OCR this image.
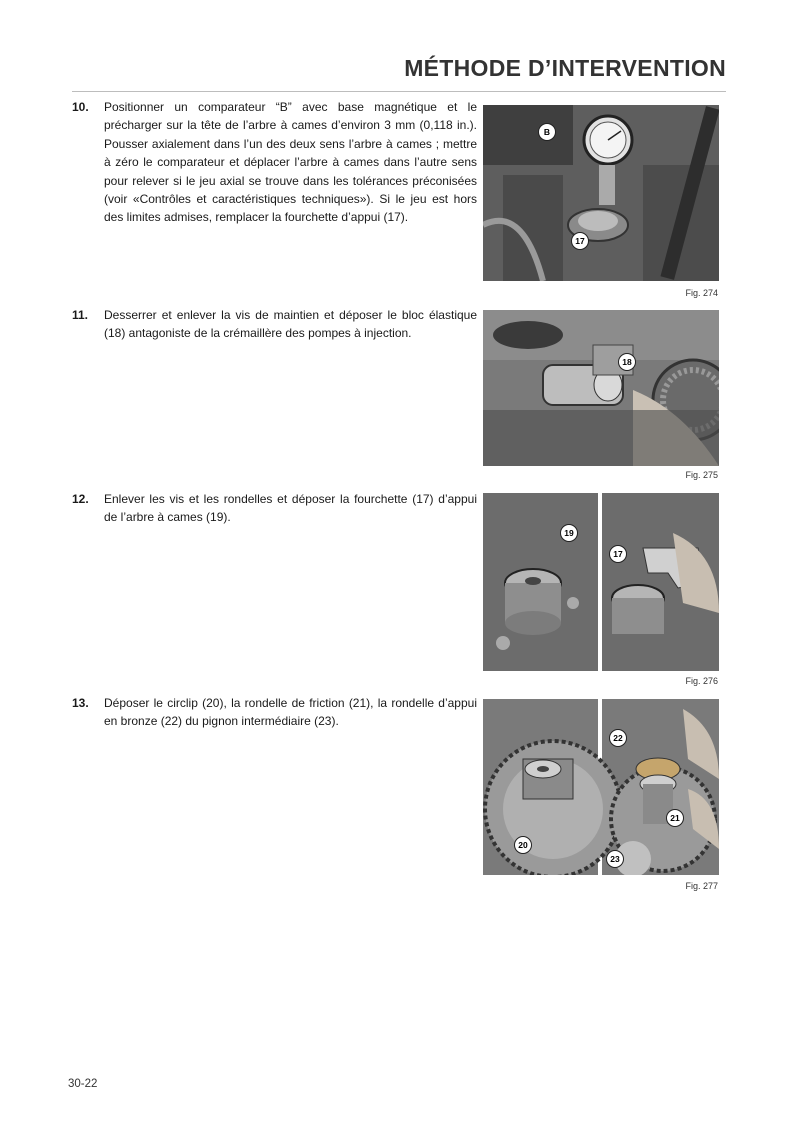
MÉTHODE D’INTERVENTION
10. Positionner un comparateur “B” avec base magnétique et le précharger sur la tête de l’arbre à cames d’environ 3 mm (0,118 in.). Pousser axialement dans l’un des deux sens l’arbre à cames ; mettre à zéro le comparateur et déplacer l’arbre à cames dans l’autre sens pour relever si le jeu axial se trouve dans les tolérances préconisées (voir «Contrôles et caractéristiques techniques»). Si le jeu est hors des limites admises, remplacer la fourchette d’appui (17).
B
17
Fig. 274
11. Desserrer et enlever la vis de maintien et déposer le bloc élastique (18) antagoniste de la crémaillère des pompes à injection.
18
Fig. 275
12. Enlever les vis et les rondelles et déposer la fourchette (17) d’appui de l’arbre à cames (19).
19
17
Fig. 276
13. Déposer le circlip (20), la rondelle de friction (21), la rondelle d’appui en bronze (22) du pignon intermédiaire (23).
20
22
21
23
Fig. 277
30-22
